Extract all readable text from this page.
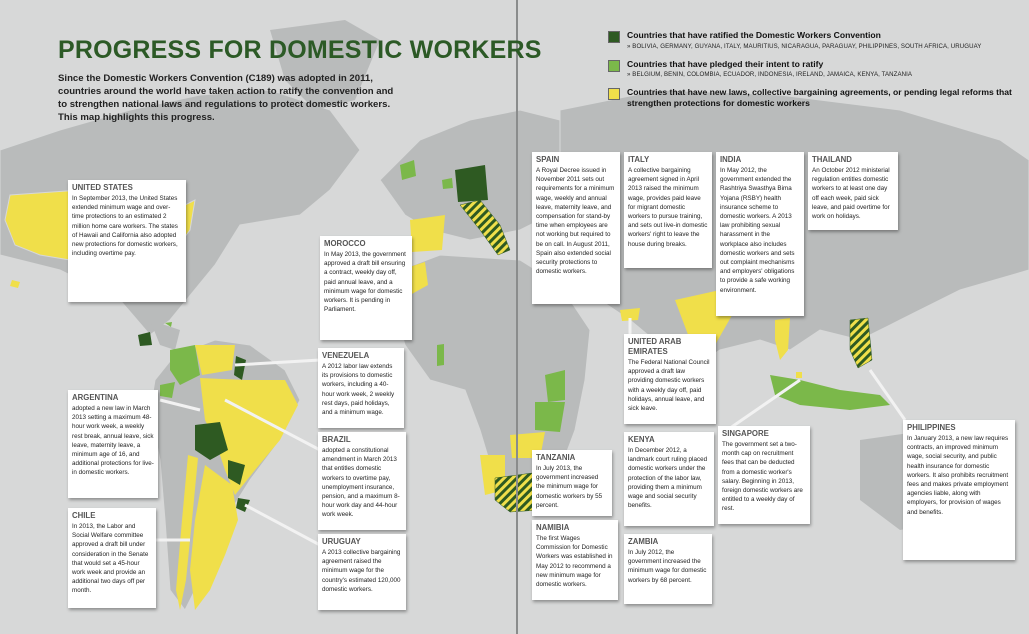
PROGRESS FOR DOMESTIC WORKERS
Since the Domestic Workers Convention (C189) was adopted in 2011, countries around the world have taken action to ratify the convention and to strengthen national laws and regulations to protect domestic workers. This map highlights this progress.
Countries that have ratified the Domestic Workers Convention
» BOLIVIA, GERMANY, GUYANA, ITALY, MAURITIUS, NICARAGUA, PARAGUAY, PHILIPPINES, SOUTH AFRICA, URUGUAY
Countries that have pledged their intent to ratify
» BELGIUM, BENIN, COLOMBIA, ECUADOR, INDONESIA, IRELAND, JAMAICA, KENYA, TANZANIA
Countries that have new laws, collective bargaining agreements, or pending legal reforms that strengthen protections for domestic workers
UNITED STATES
In September 2013, the United States extended minimum wage and over-time protections to an estimated 2 million home care workers. The states of Hawaii and California also adopted new protections for domestic workers, including overtime pay.
MOROCCO
In May 2013, the government approved a draft bill ensuring a contract, weekly day off, paid annual leave, and a minimum wage for domestic workers. It is pending in Parliament.
VENEZUELA
A 2012 labor law extends its provisions to domestic workers, including a 40-hour work week, 2 weekly rest days, paid holidays, and a minimum wage.
ARGENTINA
adopted a new law in March 2013 setting a maximum 48-hour work week, a weekly rest break, annual leave, sick leave, maternity leave, a minimum age of 16, and additional protections for live-in domestic workers.
BRAZIL
adopted a constitutional amendment in March 2013 that entitles domestic workers to overtime pay, unemployment insurance, pension, and a maximum 8-hour work day and 44-hour work week.
CHILE
In 2013, the Labor and Social Welfare committee approved a draft bill under consideration in the Senate that would set a 45-hour work week and provide an additional two days off per month.
URUGUAY
A 2013 collective bargaining agreement raised the minimum wage for the country's estimated 120,000 domestic workers.
SPAIN
A Royal Decree issued in November 2011 sets out requirements for a minimum wage, weekly and annual leave, maternity leave, and compensation for stand-by time when employees are not working but required to be on call. In August 2011, Spain also extended social security protections to domestic workers.
ITALY
A collective bargaining agreement signed in April 2013 raised the minimum wage, provides paid leave for migrant domestic workers to pursue training, and sets out live-in domestic workers' right to leave the house during breaks.
INDIA
In May 2012, the government extended the Rashtriya Swasthya Bima Yojana (RSBY) health insurance scheme to domestic workers. A 2013 law prohibiting sexual harassment in the workplace also includes domestic workers and sets out complaint mechanisms and employers' obligations to provide a safe working environment.
THAILAND
An October 2012 ministerial regulation entitles domestic workers to at least one day off each week, paid sick leave, and paid overtime for work on holidays.
UNITED ARAB EMIRATES
The Federal National Council approved a draft law providing domestic workers with a weekly day off, paid holidays, annual leave, and sick leave.
KENYA
In December 2012, a landmark court ruling placed domestic workers under the protection of the labor law, providing them a minimum wage and social security benefits.
SINGAPORE
The government set a two-month cap on recruitment fees that can be deducted from a domestic worker's salary. Beginning in 2013, foreign domestic workers are entitled to a weekly day of rest.
PHILIPPINES
In January 2013, a new law requires contracts, an improved minimum wage, social security, and public health insurance for domestic workers. It also prohibits recruitment fees and makes private employment agencies liable, along with employers, for provision of wages and benefits.
TANZANIA
In July 2013, the government increased the minimum wage for domestic workers by 55 percent.
NAMIBIA
The first Wages Commission for Domestic Workers was established in May 2012 to recommend a new minimum wage for domestic workers.
ZAMBIA
In July 2012, the government increased the minimum wage for domestic workers by 68 percent.
